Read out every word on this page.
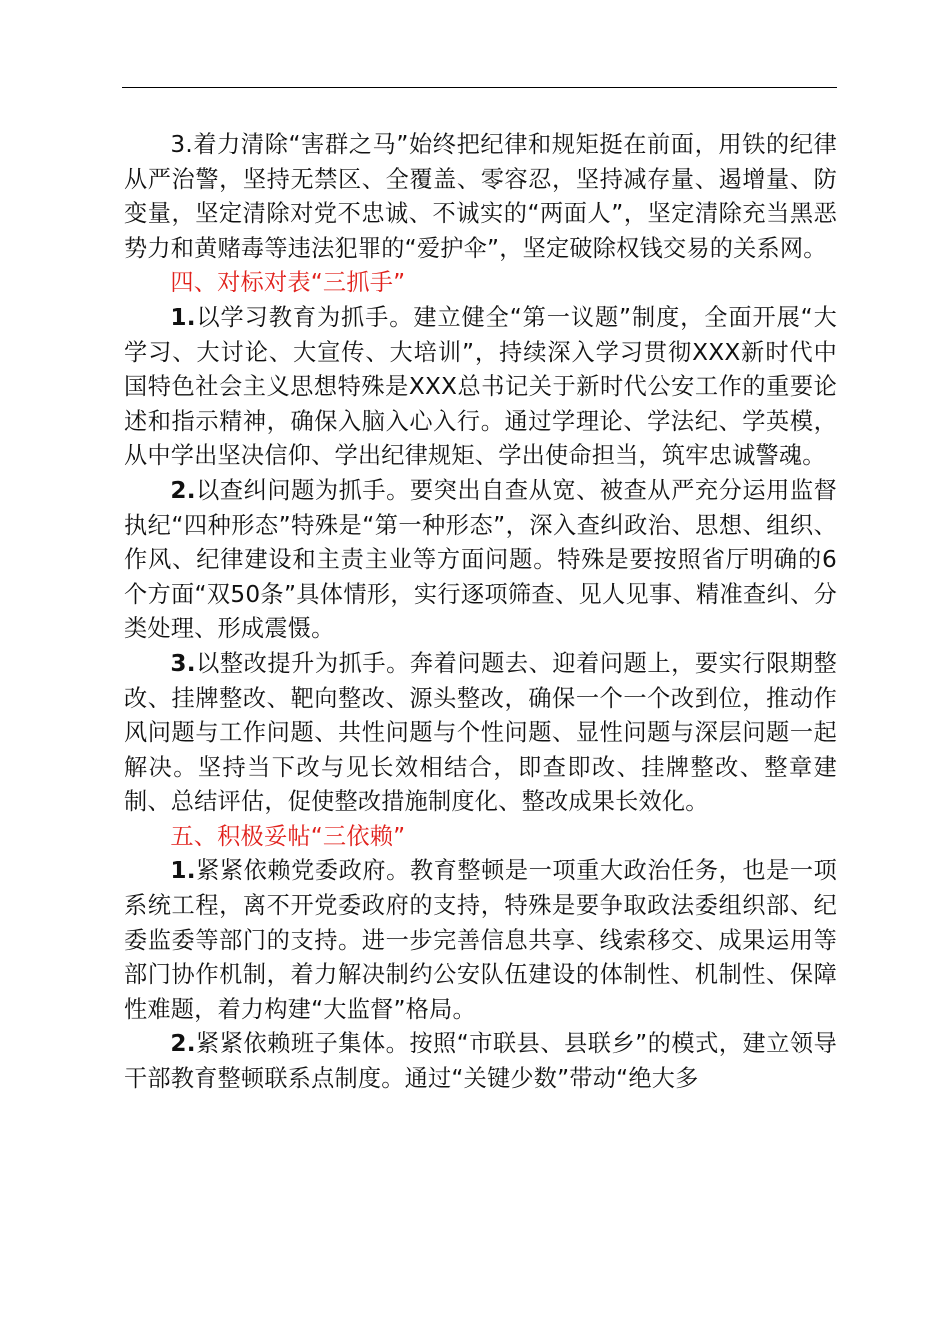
3.着力清除“害群之马”始终把纪律和规矩挺在前面，用铁的纪律从严治警，坚持无禁区、全覆盖、零容忍，坚持减存量、遏增量、防变量，坚定清除对党不忠诚、不诚实的“两面人”，坚定清除充当黑恶势力和黄赌毒等违法犯罪的“爱护伞”，坚定破除权钱交易的关系网。

四、对标对表“三抓手”

1.以学习教育为抓手。建立健全“第一议题”制度，全面开展“大学习、大讨论、大宣传、大培训”，持续深入学习贯彻XXX新时代中国特色社会主义思想特殊是XXX总书记关于新时代公安工作的重要论述和指示精神，确保入脑入心入行。通过学理论、学法纪、学英模，从中学出坚决信仰、学出纪律规矩、学出使命担当，筑牢忠诚警魂。

2.以查纠问题为抓手。要突出自查从宽、被查从严充分运用监督执纪“四种形态”特殊是“第一种形态”，深入查纠政治、思想、组织、作风、纪律建设和主责主业等方面问题。特殊是要按照省厅明确的6个方面“双50条”具体情形，实行逐项筛查、见人见事、精准查纠、分类处理、形成震慑。

3.以整改提升为抓手。奔着问题去、迎着问题上，要实行限期整改、挂牌整改、靶向整改、源头整改，确保一个一个改到位，推动作风问题与工作问题、共性问题与个性问题、显性问题与深层问题一起解决。坚持当下改与见长效相结合，即查即改、挂牌整改、整章建制、总结评估，促使整改措施制度化、整改成果长效化。

五、积极妥帖“三依赖”

1.紧紧依赖党委政府。教育整顿是一项重大政治任务，也是一项系统工程，离不开党委政府的支持，特殊是要争取政法委组织部、纪委监委等部门的支持。进一步完善信息共享、线索移交、成果运用等部门协作机制，着力解决制约公安队伍建设的体制性、机制性、保障性难题，着力构建“大监督”格局。

2.紧紧依赖班子集体。按照“市联县、县联乡”的模式，建立领导干部教育整顿联系点制度。通过“关键少数”带动“绝大多
